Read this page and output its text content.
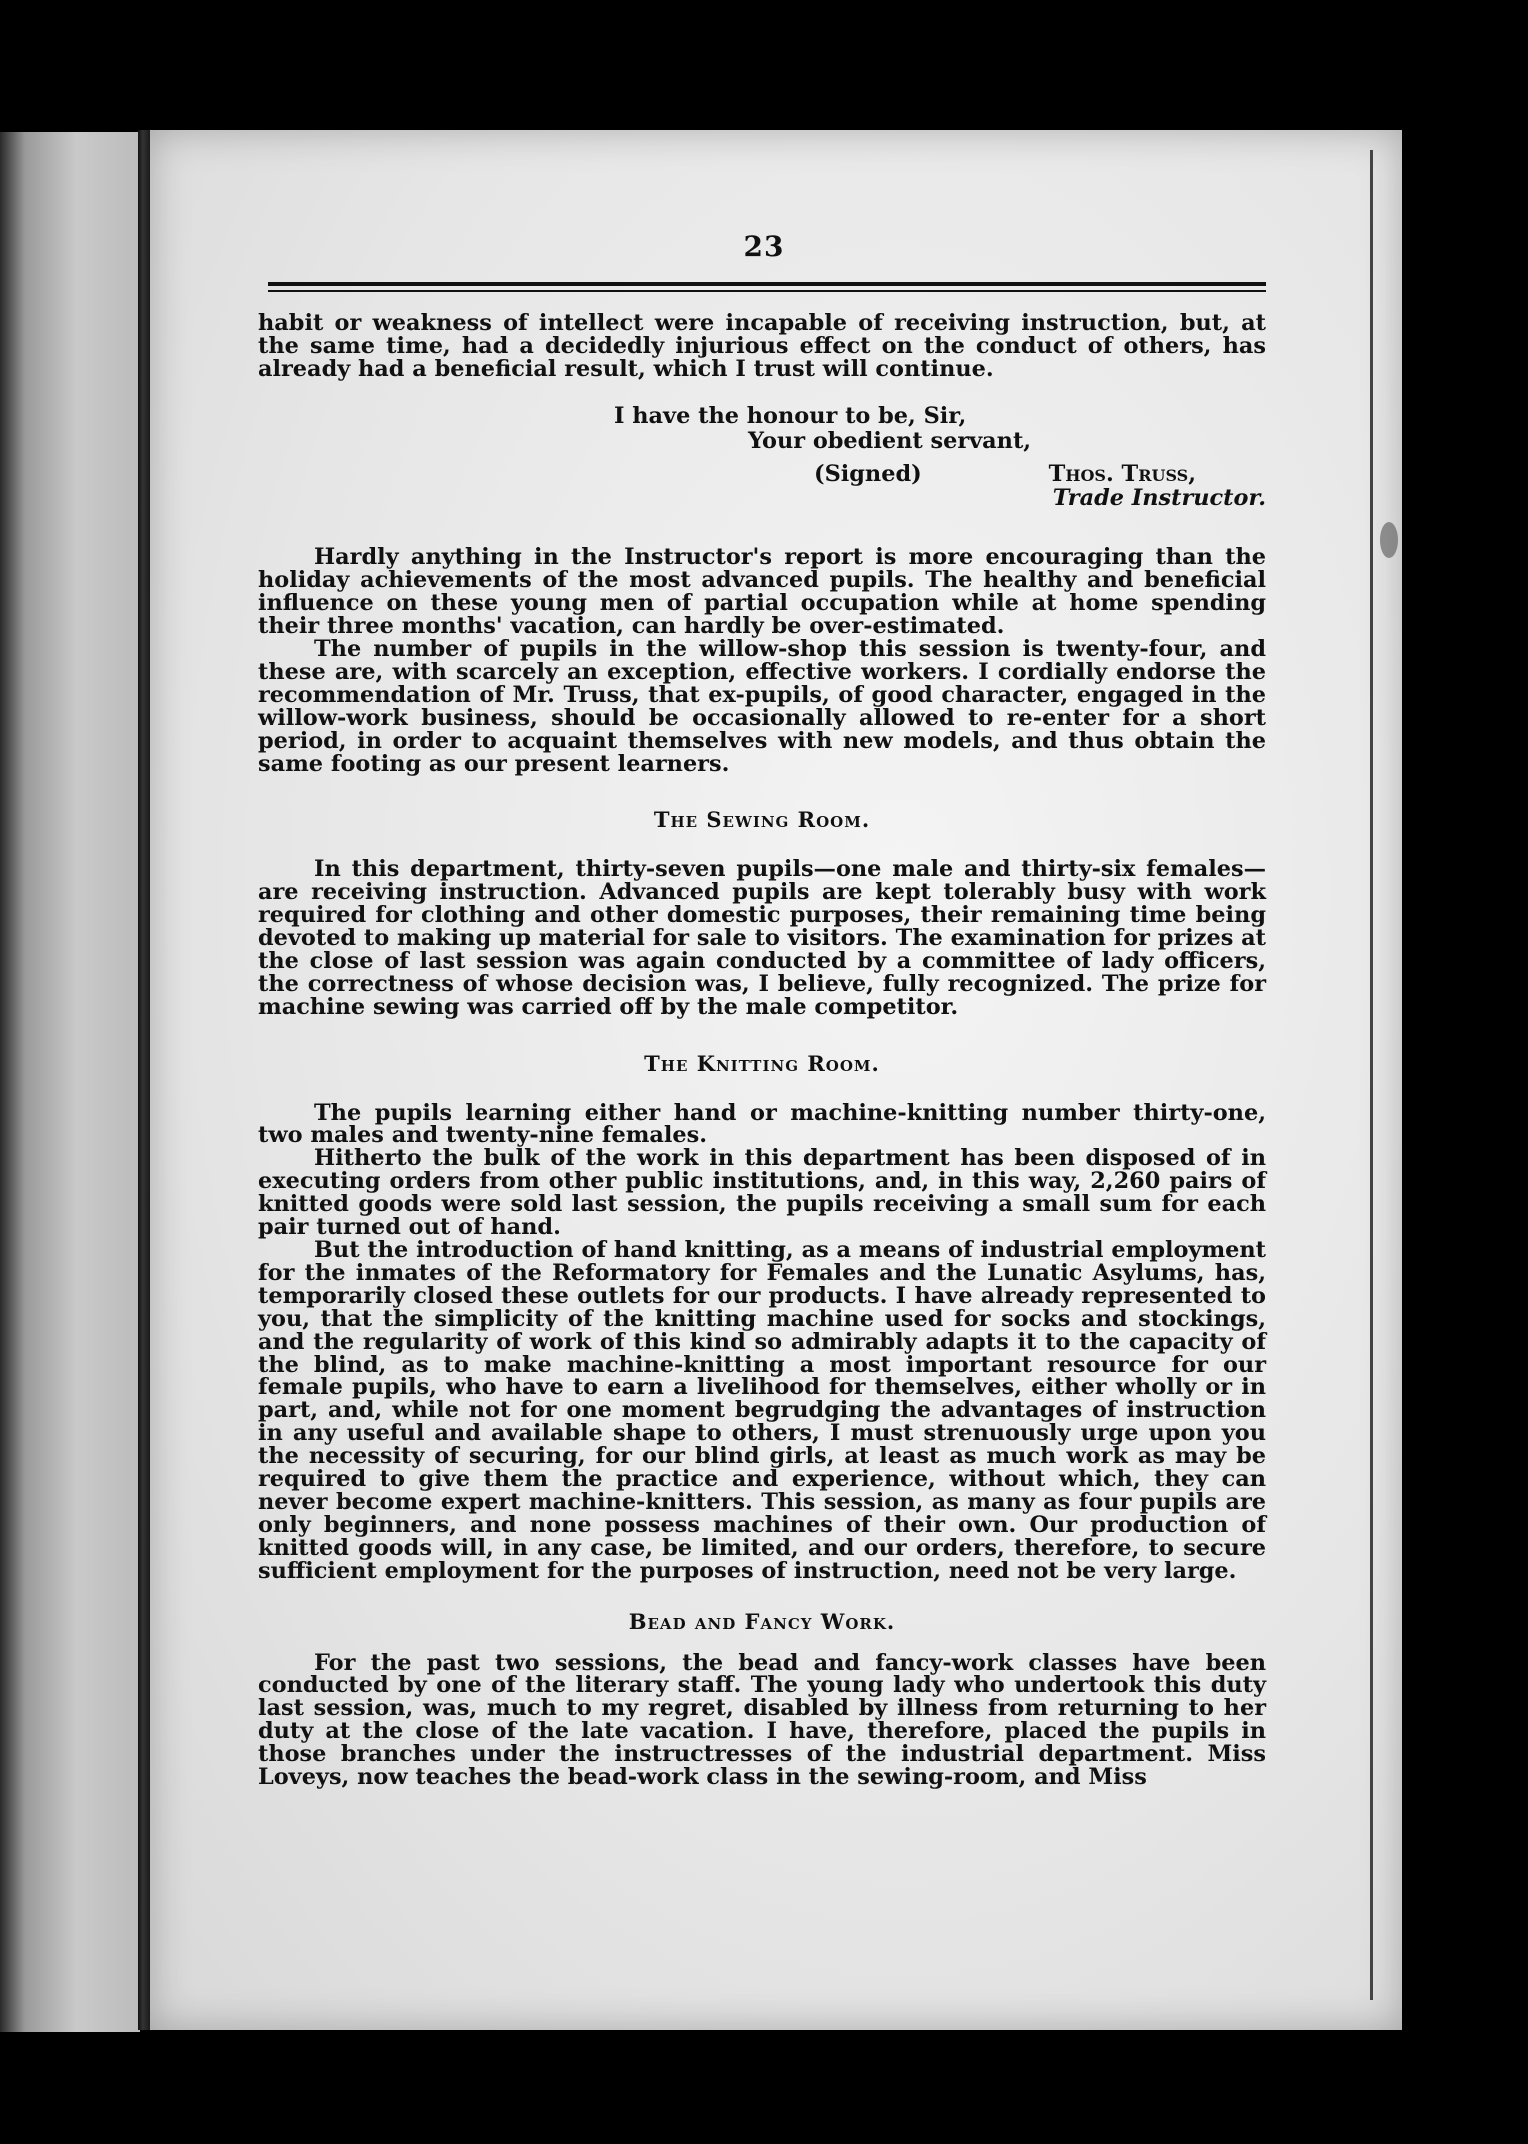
23

habit or weakness of intellect were incapable of receiving instruction, but, at the same time, had a decidedly injurious effect on the conduct of others, has already had a beneficial result, which I trust will continue.

I have the honour to be, Sir,
Your obedient servant,
(Signed)	Thos. Truss,
Trade Instructor.

Hardly anything in the Instructor's report is more encouraging than the holiday achievements of the most advanced pupils. The healthy and beneficial influence on these young men of partial occupation while at home spending their three months' vacation, can hardly be over-estimated.

The number of pupils in the willow-shop this session is twenty-four, and these are, with scarcely an exception, effective workers. I cordially endorse the recommendation of Mr. Truss, that ex-pupils, of good character, engaged in the willow-work business, should be occasionally allowed to re-enter for a short period, in order to acquaint themselves with new models, and thus obtain the same footing as our present learners.

The Sewing Room.

In this department, thirty-seven pupils—one male and thirty-six females—are receiving instruction. Advanced pupils are kept tolerably busy with work required for clothing and other domestic purposes, their remaining time being devoted to making up material for sale to visitors. The examination for prizes at the close of last session was again conducted by a committee of lady officers, the correctness of whose decision was, I believe, fully recognized. The prize for machine sewing was carried off by the male competitor.

The Knitting Room.

The pupils learning either hand or machine-knitting number thirty-one, two males and twenty-nine females.

Hitherto the bulk of the work in this department has been disposed of in executing orders from other public institutions, and, in this way, 2,260 pairs of knitted goods were sold last session, the pupils receiving a small sum for each pair turned out of hand.

But the introduction of hand knitting, as a means of industrial employment for the inmates of the Reformatory for Females and the Lunatic Asylums, has, temporarily closed these outlets for our products. I have already represented to you, that the simplicity of the knitting machine used for socks and stockings, and the regularity of work of this kind so admirably adapts it to the capacity of the blind, as to make machine-knitting a most important resource for our female pupils, who have to earn a livelihood for themselves, either wholly or in part, and, while not for one moment begrudging the advantages of instruction in any useful and available shape to others, I must strenuously urge upon you the necessity of securing, for our blind girls, at least as much work as may be required to give them the practice and experience, without which, they can never become expert machine-knitters. This session, as many as four pupils are only beginners, and none possess machines of their own. Our production of knitted goods will, in any case, be limited, and our orders, therefore, to secure sufficient employment for the purposes of instruction, need not be very large.

Bead and Fancy Work.

For the past two sessions, the bead and fancy-work classes have been conducted by one of the literary staff. The young lady who undertook this duty last session, was, much to my regret, disabled by illness from returning to her duty at the close of the late vacation. I have, therefore, placed the pupils in those branches under the instructresses of the industrial department. Miss Loveys, now teaches the bead-work class in the sewing-room, and Miss
